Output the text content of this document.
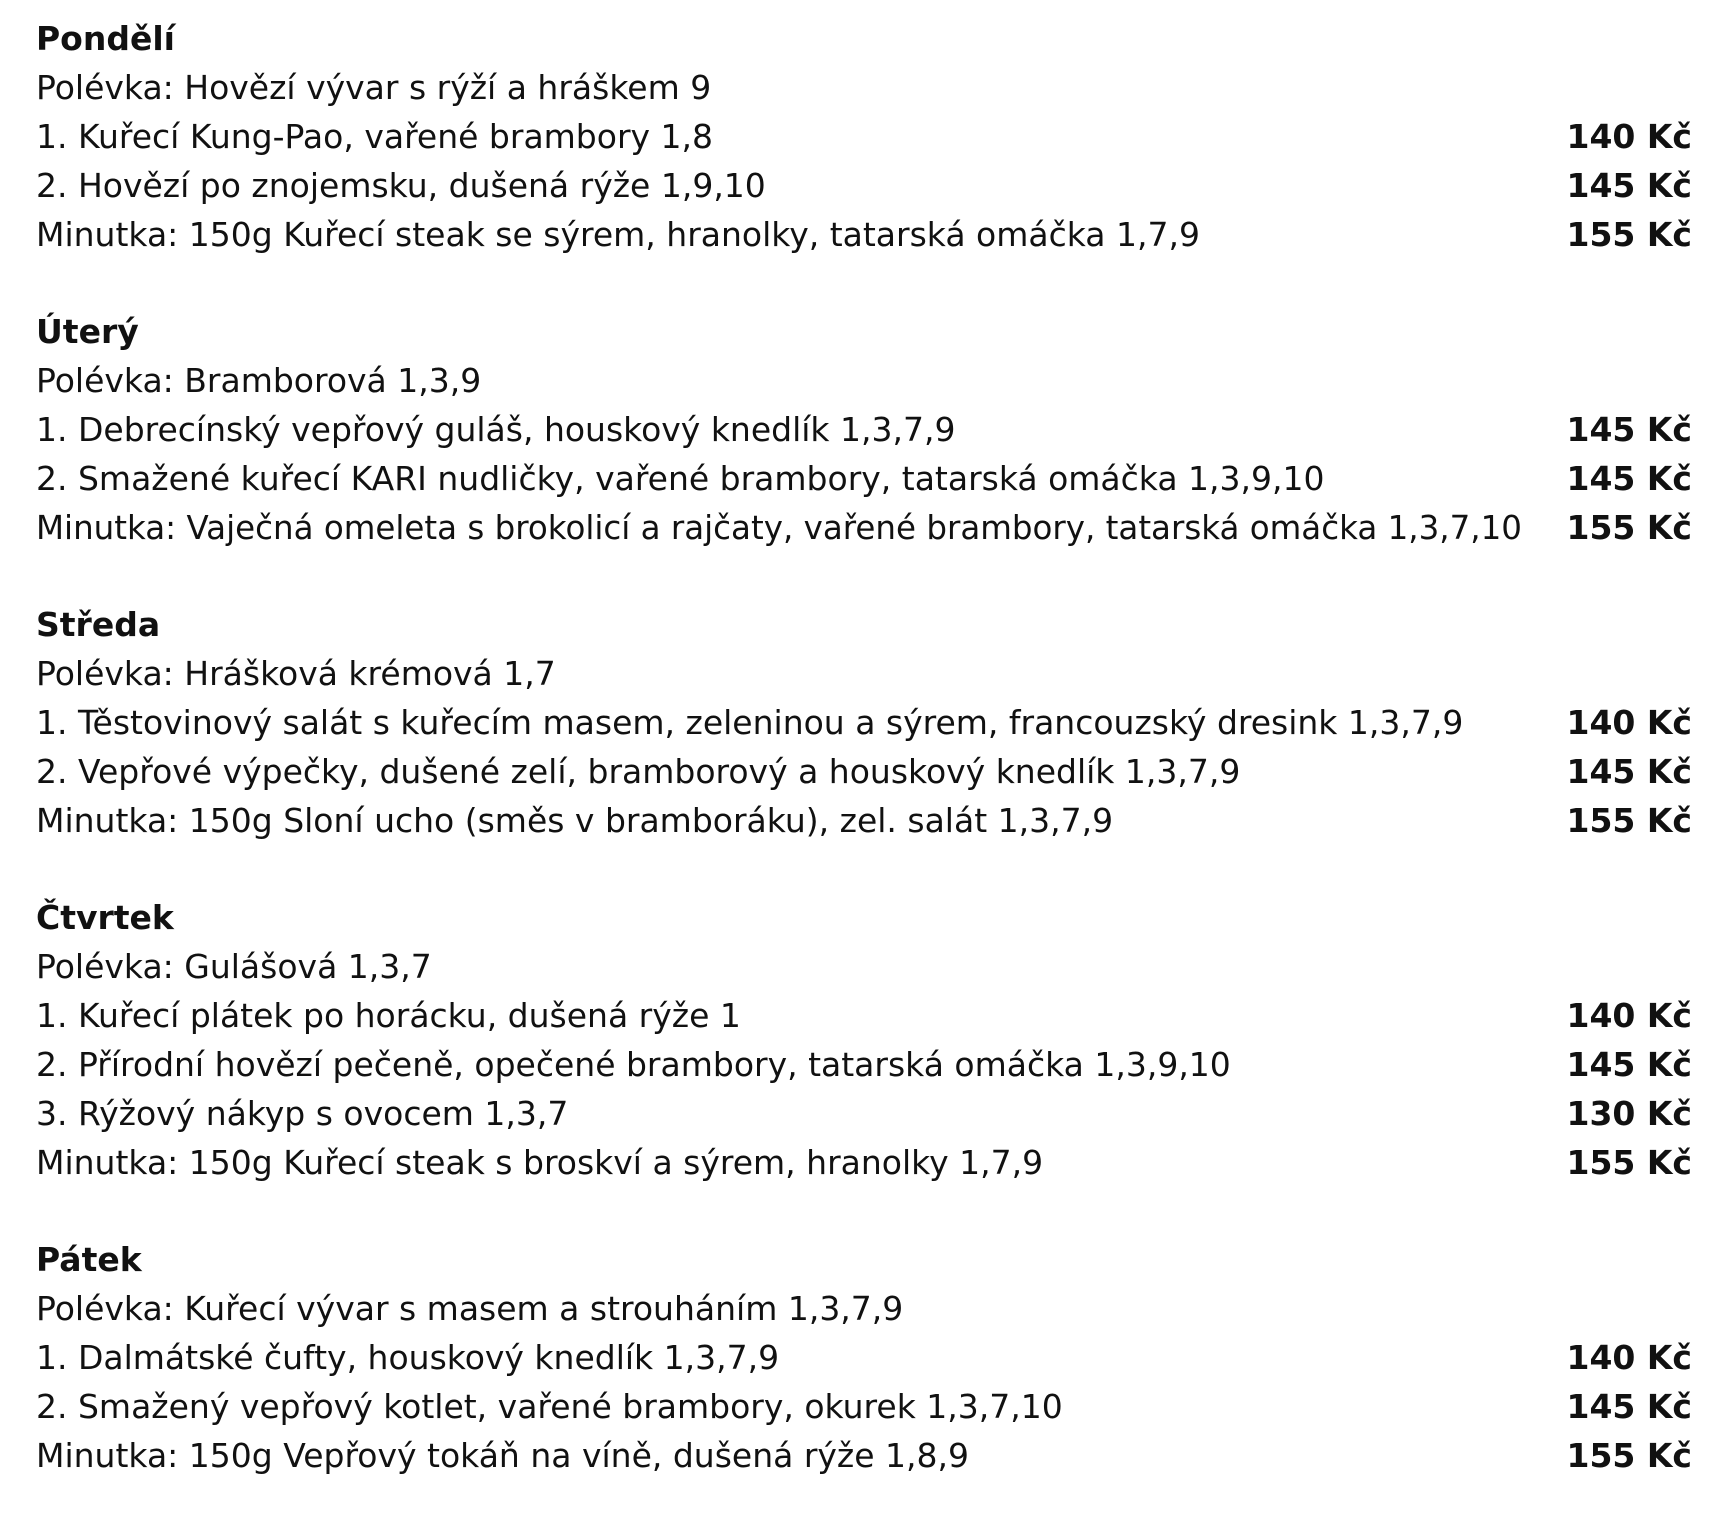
Pondělí
Polévka: Hovězí vývar s rýží a hráškem 9
1. Kuřecí Kung-Pao, vařené brambory 1,8	140 Kč
2. Hovězí po znojemsku, dušená rýže 1,9,10	145 Kč
Minutka: 150g Kuřecí steak se sýrem, hranolky, tatarská omáčka 1,7,9	155 Kč
Úterý
Polévka: Bramborová 1,3,9
1. Debrecínský vepřový guláš, houskový knedlík 1,3,7,9	145 Kč
2. Smažené kuřecí KARI nudličky, vařené brambory, tatarská omáčka 1,3,9,10	145 Kč
Minutka: Vaječná omeleta s brokolicí a rajčaty, vařené brambory, tatarská omáčka 1,3,7,10 155 Kč
Středa
Polévka: Hrášková krémová 1,7
1. Těstovinový salát s kuřecím masem, zeleninou a sýrem, francouzský dresink 1,3,7,9	140 Kč
2. Vepřové výpečky, dušené zelí, bramborový a houskový knedlík 1,3,7,9	145 Kč
Minutka: 150g Sloní ucho (směs v bramboráku), zel. salát 1,3,7,9	155 Kč
Čtvrtek
Polévka: Gulášová 1,3,7
1. Kuřecí plátek po horácku, dušená rýže 1	140 Kč
2. Přírodní hovězí pečeně, opečené brambory, tatarská omáčka 1,3,9,10	145 Kč
3. Rýžový nákyp s ovocem 1,3,7	130 Kč
Minutka: 150g Kuřecí steak s broskví a sýrem, hranolky 1,7,9	155 Kč
Pátek
Polévka: Kuřecí vývar s masem a strouháním 1,3,7,9
1. Dalmátské čufty, houskový knedlík 1,3,7,9	140 Kč
2. Smažený vepřový kotlet, vařené brambory, okurek 1,3,7,10	145 Kč
Minutka: 150g Vepřový tokáň na víně, dušená rýže 1,8,9	155 Kč
